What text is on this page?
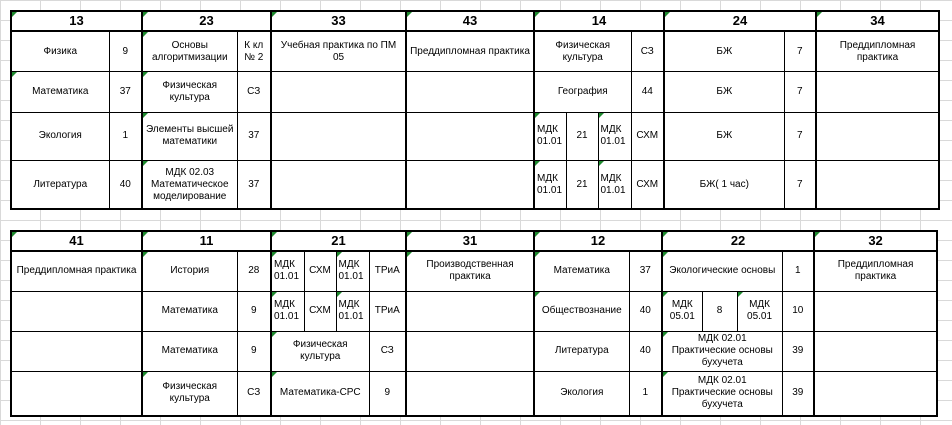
13		23		33	43	14				24		34
Физика	9	Основы алгоритмизации	К кл № 2	Учебная практика по ПМ 05	Преддипломная практика	Физическая культура			СЗ	БЖ	7	Преддипломная практика
Математика	37	Физическая культура	СЗ			География			44	БЖ	7	
Экология	1	Элементы высшей математики	37			МДК 01.01	21	МДК 01.01	СХМ	БЖ	7	
Литература	40	МДК 02.03 Математическое моделирование	37			МДК 01.01	21	МДК 01.01	СХМ	БЖ( 1 час)	7	
41	11		21				31	12		22				32
Преддипломная практика	История	28	МДК 01.01	СХМ	МДК 01.01	ТРиА	Производственная практика	Математика	37	Экологические основы			1	Преддипломная практика
	Математика	9	МДК 01.01	СХМ	МДК 01.01	ТРиА		Обществознание	40	МДК 05.01	8	МДК 05.01	10	
	Математика	9	Физическая культура			СЗ		Литература	40	МДК 02.01 Практические основы бухучета			39	
	Физическая культура	СЗ	Математика-СРС			9		Экология	1	МДК 02.01 Практические основы бухучета			39	
